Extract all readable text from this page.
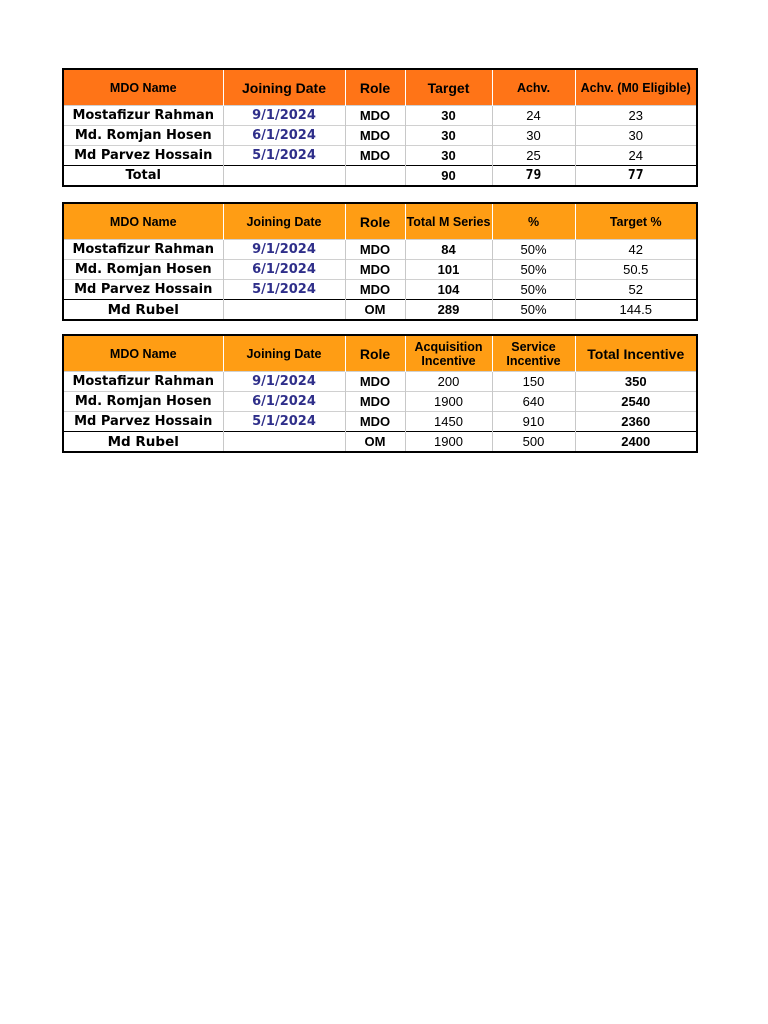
MDO Name	Joining Date	Role	Target	Achv.	Achv. (M0 Eligible)
Mostafizur Rahman	9/1/2024	MDO	30	24	23
Md. Romjan Hosen	6/1/2024	MDO	30	30	30
Md Parvez Hossain	5/1/2024	MDO	30	25	24
Total			90	79	77
MDO Name	Joining Date	Role	Total M Series	%	Target %
Mostafizur Rahman	9/1/2024	MDO	84	50%	42
Md. Romjan Hosen	6/1/2024	MDO	101	50%	50.5
Md Parvez Hossain	5/1/2024	MDO	104	50%	52
Md Rubel		OM	289	50%	144.5
MDO Name	Joining Date	Role	Acquisition Incentive	Service Incentive	Total Incentive
Mostafizur Rahman	9/1/2024	MDO	200	150	350
Md. Romjan Hosen	6/1/2024	MDO	1900	640	2540
Md Parvez Hossain	5/1/2024	MDO	1450	910	2360
Md Rubel		OM	1900	500	2400
